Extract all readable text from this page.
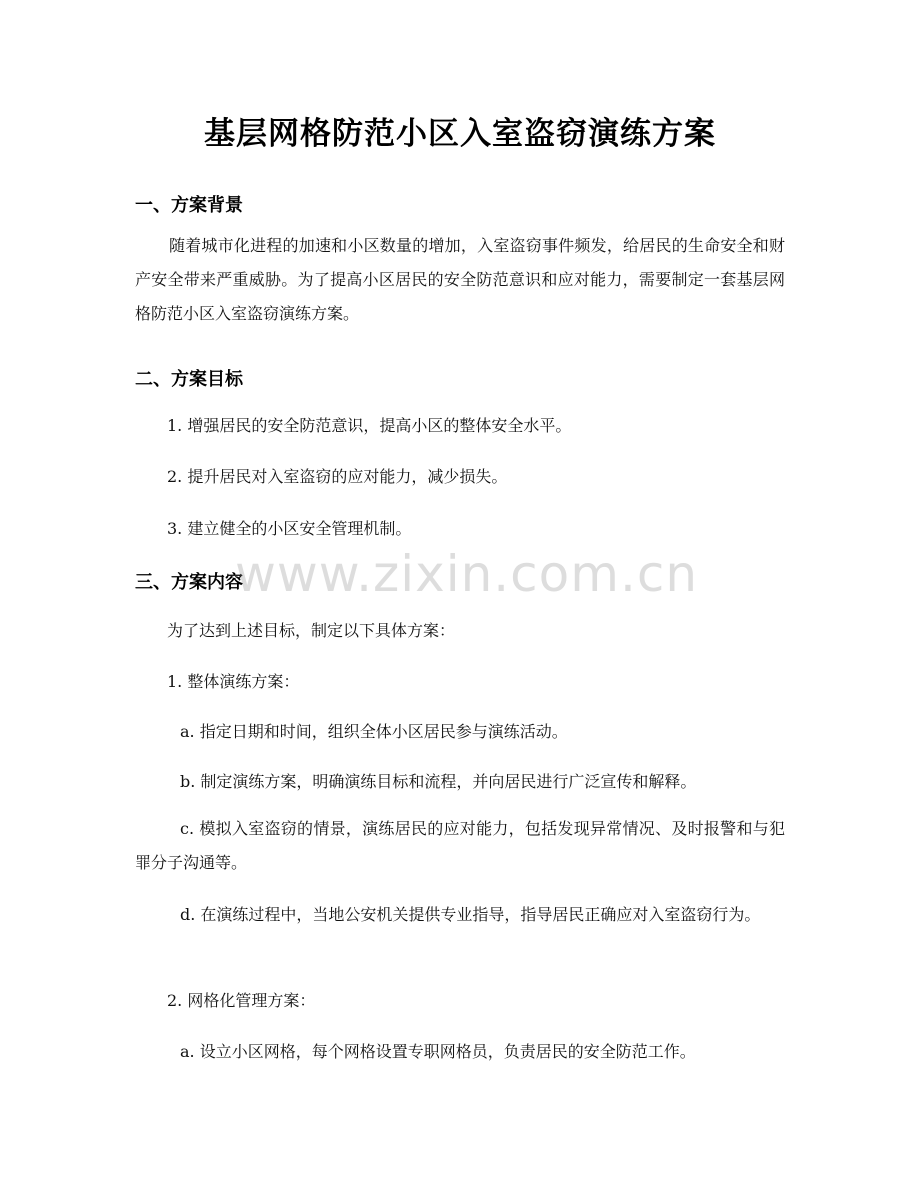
基层网格防范小区入室盗窃演练方案
一、方案背景
随着城市化进程的加速和小区数量的增加，入室盗窃事件频发，给居民的生命安全和财产安全带来严重威胁。为了提高小区居民的安全防范意识和应对能力，需要制定一套基层网格防范小区入室盗窃演练方案。
二、方案目标
1. 增强居民的安全防范意识，提高小区的整体安全水平。
2. 提升居民对入室盗窃的应对能力，减少损失。
3. 建立健全的小区安全管理机制。
三、方案内容
为了达到上述目标，制定以下具体方案：
1. 整体演练方案：
a. 指定日期和时间，组织全体小区居民参与演练活动。
b. 制定演练方案，明确演练目标和流程，并向居民进行广泛宣传和解释。
c. 模拟入室盗窃的情景，演练居民的应对能力，包括发现异常情况、及时报警和与犯罪分子沟通等。
d. 在演练过程中，当地公安机关提供专业指导，指导居民正确应对入室盗窃行为。
2. 网格化管理方案：
a. 设立小区网格，每个网格设置专职网格员，负责居民的安全防范工作。
www.zixin.com.cn
